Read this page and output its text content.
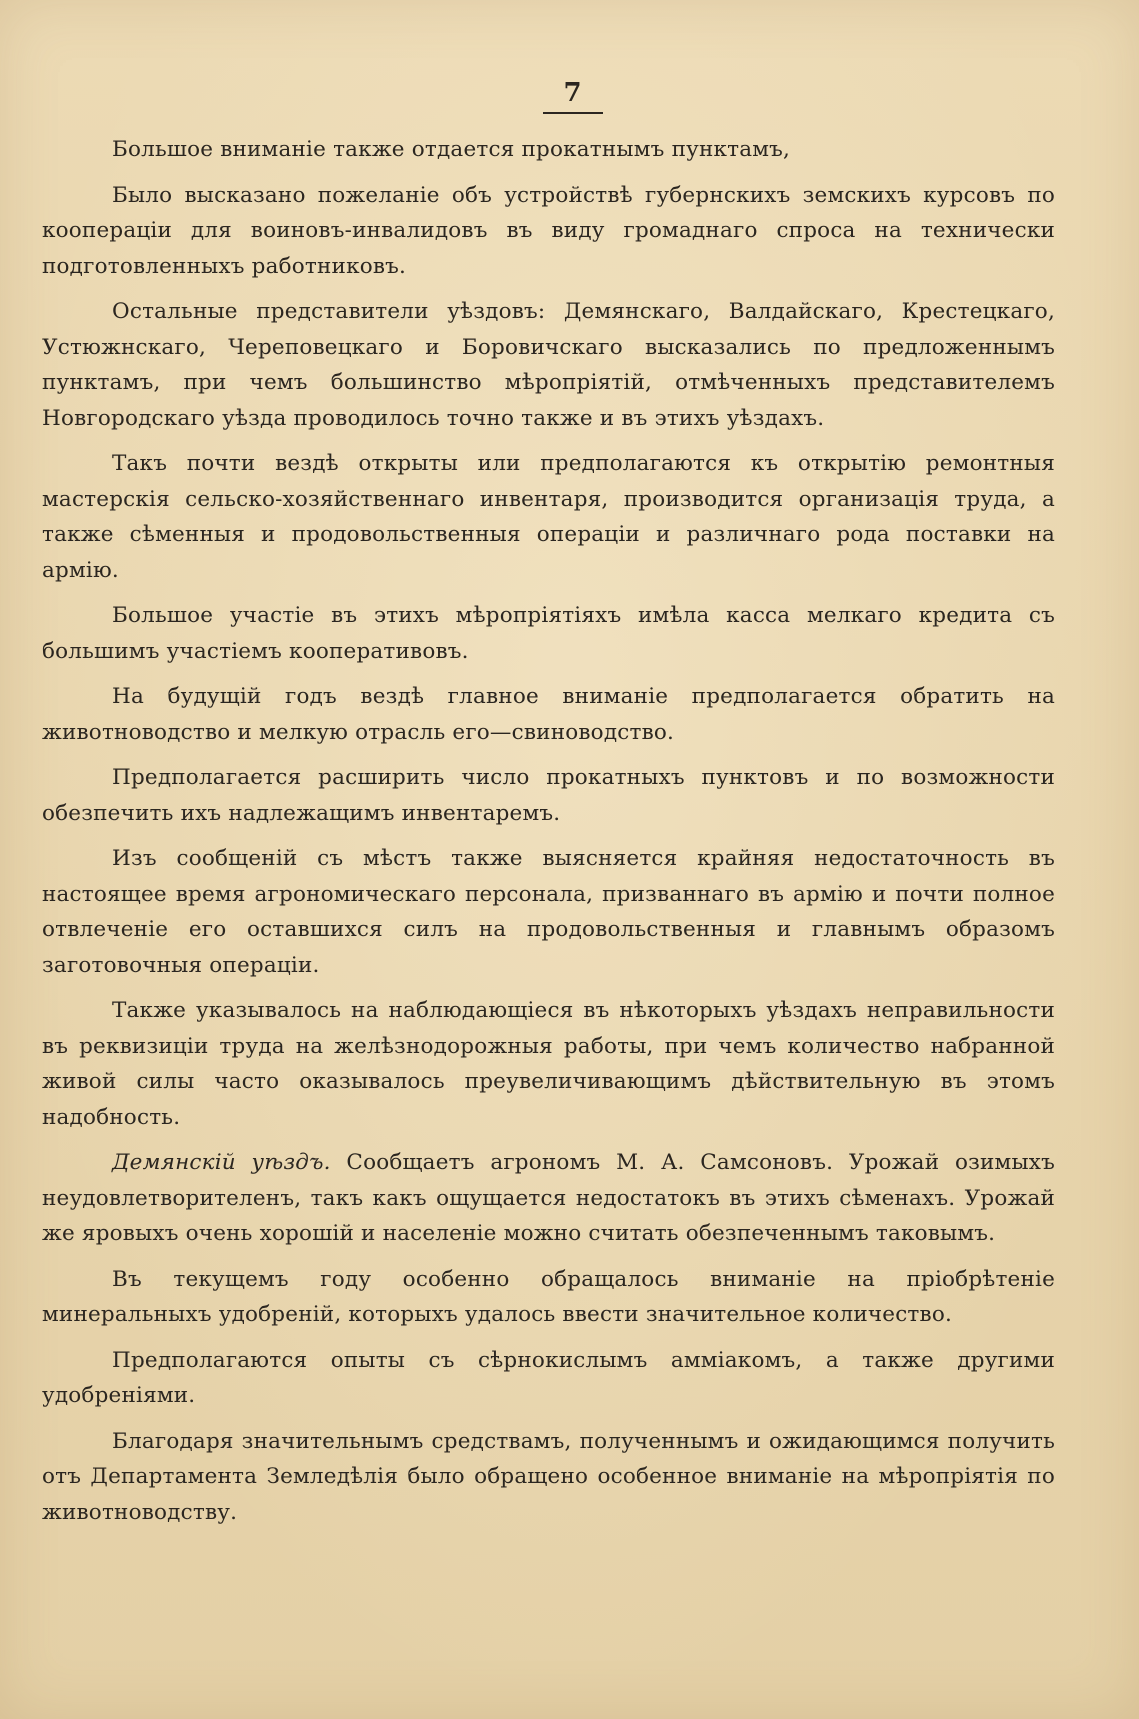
7

Большое вниманіе также отдается прокатнымъ пунктамъ,

Было высказано пожеланіе объ устройствѣ губернскихъ земскихъ курсовъ по коопераціи для воиновъ-инвалидовъ въ виду громаднаго спроса на технически подготовленныхъ работниковъ.

Остальные представители уѣздовъ: Демянскаго, Валдайскаго, Крестецкаго, Устюжнскаго, Череповецкаго и Боровичскаго высказались по предложеннымъ пунктамъ, при чемъ большинство мѣропріятій, отмѣченныхъ представителемъ Новгородскаго уѣзда проводилось точно также и въ этихъ уѣздахъ.

Такъ почти вездѣ открыты или предполагаются къ открытію ремонтныя мастерскія сельско-хозяйственнаго инвентаря, производится организація труда, а также сѣменныя и продовольственныя операціи и различнаго рода поставки на армію.

Большое участіе въ этихъ мѣропріятіяхъ имѣла касса мелкаго кредита съ большимъ участіемъ кооперативовъ.

На будущій годъ вездѣ главное вниманіе предполагается обратить на животноводство и мелкую отрасль его—свиноводство.

Предполагается расширить число прокатныхъ пунктовъ и по возможности обезпечить ихъ надлежащимъ инвентаремъ.

Изъ сообщеній съ мѣстъ также выясняется крайняя недостаточность въ настоящее время агрономическаго персонала, призваннаго въ армію и почти полное отвлеченіе его оставшихся силъ на продовольственныя и главнымъ образомъ заготовочныя операціи.

Также указывалось на наблюдающіеся въ нѣкоторыхъ уѣздахъ неправильности въ реквизиціи труда на желѣзнодорожныя работы, при чемъ количество набранной живой силы часто оказывалось преувеличивающимъ дѣйствительную въ этомъ надобность.

Демянскій уѣздъ. Сообщаетъ агрономъ М. А. Самсоновъ. Урожай озимыхъ неудовлетворителенъ, такъ какъ ощущается недостатокъ въ этихъ сѣменахъ. Урожай же яровыхъ очень хорошій и населеніе можно считать обезпеченнымъ таковымъ.

Въ текущемъ году особенно обращалось вниманіе на пріобрѣтеніе минеральныхъ удобреній, которыхъ удалось ввести значительное количество.

Предполагаются опыты съ сѣрнокислымъ аммiакомъ, а также другими удобреніями.

Благодаря значительнымъ средствамъ, полученнымъ и ожидающимся получить отъ Департамента Земледѣлія было обращено особенное вниманіе на мѣропріятія по животноводству.
